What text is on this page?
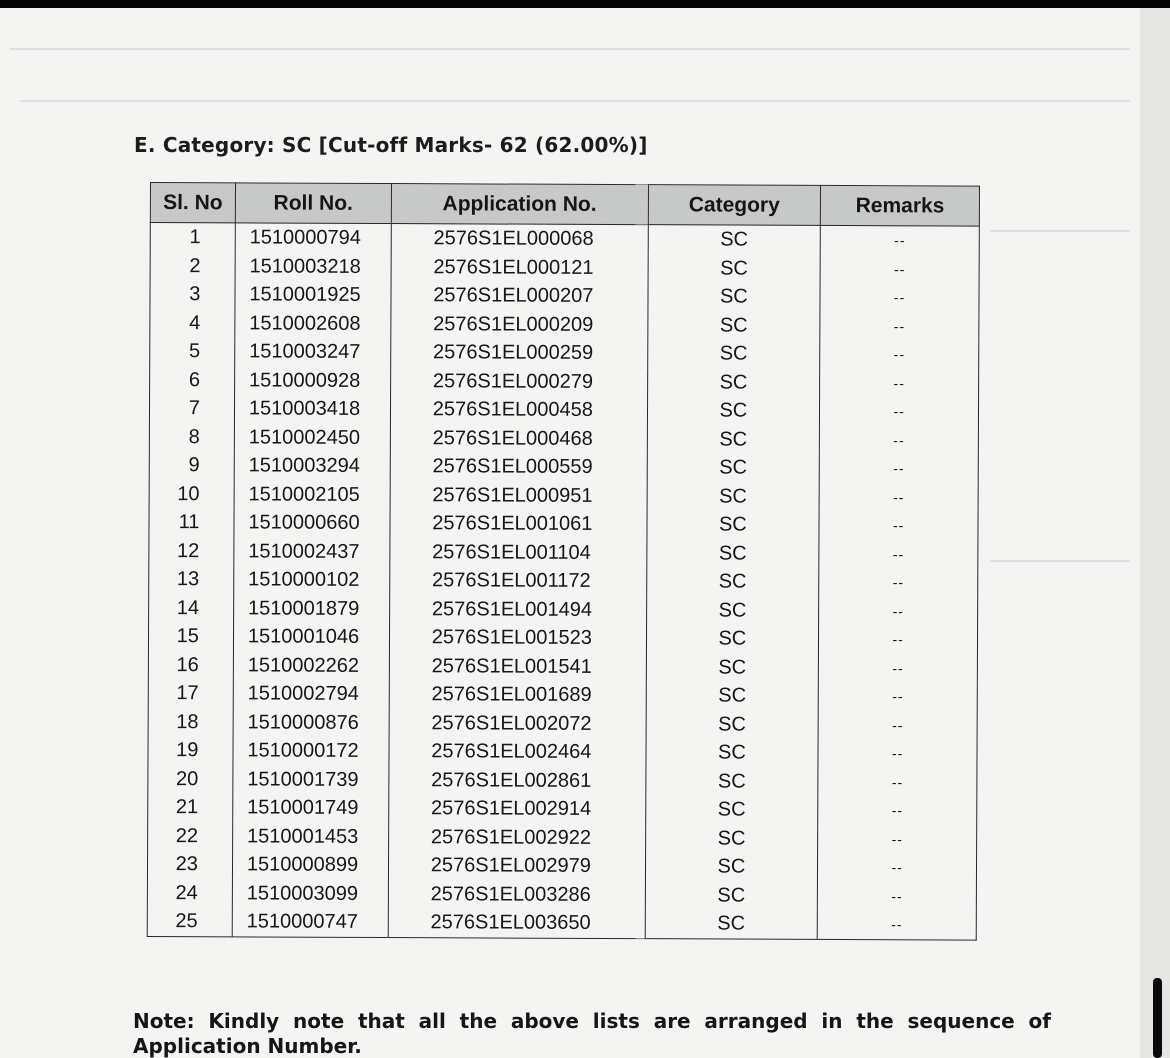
E. Category: SC [Cut-off Marks- 62 (62.00%)]
Sl. No	Roll No.	Application No.	Category	Remarks
1	1510000794	2576S1EL000068	SC	--
2	1510003218	2576S1EL000121	SC	--
3	1510001925	2576S1EL000207	SC	--
4	1510002608	2576S1EL000209	SC	--
5	1510003247	2576S1EL000259	SC	--
6	1510000928	2576S1EL000279	SC	--
7	1510003418	2576S1EL000458	SC	--
8	1510002450	2576S1EL000468	SC	--
9	1510003294	2576S1EL000559	SC	--
10	1510002105	2576S1EL000951	SC	--
11	1510000660	2576S1EL001061	SC	--
12	1510002437	2576S1EL001104	SC	--
13	1510000102	2576S1EL001172	SC	--
14	1510001879	2576S1EL001494	SC	--
15	1510001046	2576S1EL001523	SC	--
16	1510002262	2576S1EL001541	SC	--
17	1510002794	2576S1EL001689	SC	--
18	1510000876	2576S1EL002072	SC	--
19	1510000172	2576S1EL002464	SC	--
20	1510001739	2576S1EL002861	SC	--
21	1510001749	2576S1EL002914	SC	--
22	1510001453	2576S1EL002922	SC	--
23	1510000899	2576S1EL002979	SC	--
24	1510003099	2576S1EL003286	SC	--
25	1510000747	2576S1EL003650	SC	--
Note: Kindly note that all the above lists are arranged in the sequence of Application Number.
